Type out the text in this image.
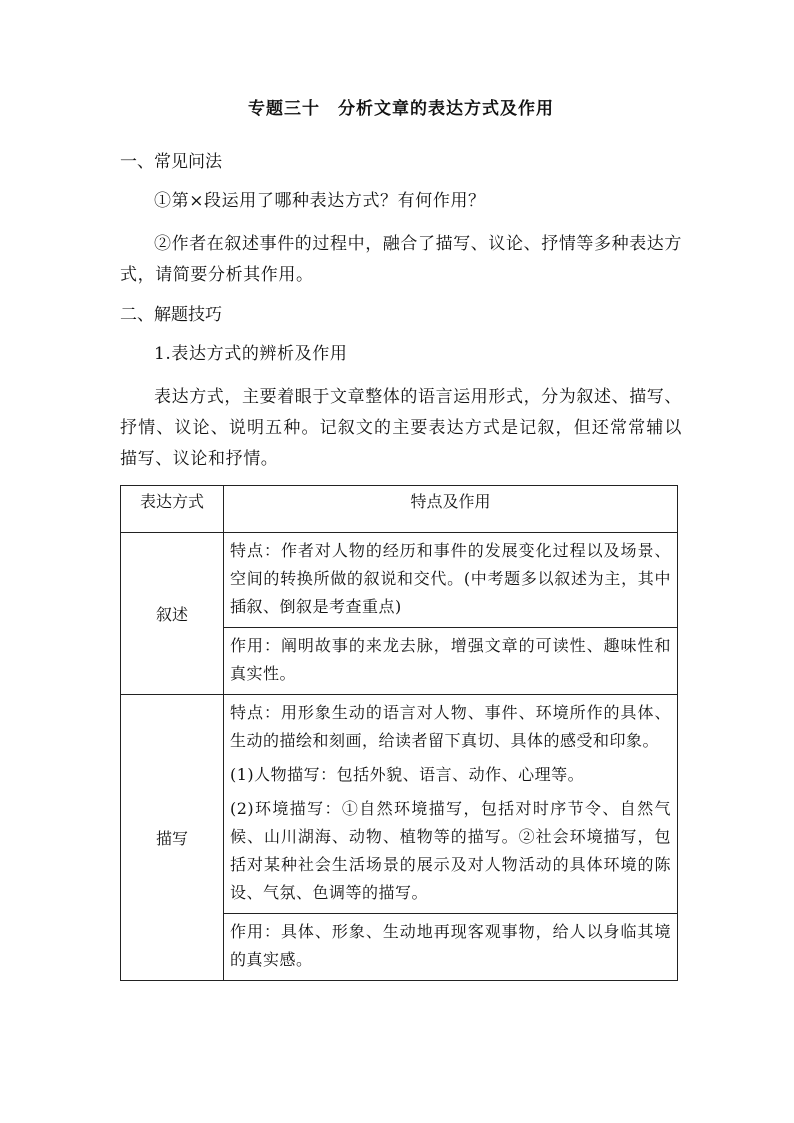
专题三十　分析文章的表达方式及作用
一、常见问法

①第×段运用了哪种表达方式？有何作用？

②作者在叙述事件的过程中，融合了描写、议论、抒情等多种表达方式，请简要分析其作用。

二、解题技巧

1.表达方式的辨析及作用

表达方式，主要着眼于文章整体的语言运用形式，分为叙述、描写、抒情、议论、说明五种。记叙文的主要表达方式是记叙，但还常常辅以描写、议论和抒情。

表达方式	特点及作用
叙述	特点：作者对人物的经历和事件的发展变化过程以及场景、空间的转换所做的叙说和交代。(中考题多以叙述为主，其中插叙、倒叙是考查重点)

	作用：阐明故事的来龙去脉，增强文章的可读性、趣味性和真实性。

描写	特点：用形象生动的语言对人物、事件、环境所作的具体、生动的描绘和刻画，给读者留下真切、具体的感受和印象。

(1)人物描写：包括外貌、语言、动作、心理等。

(2)环境描写：①自然环境描写，包括对时序节令、自然气候、山川湖海、动物、植物等的描写。②社会环境描写，包括对某种社会生活场景的展示及对人物活动的具体环境的陈设、气氛、色调等的描写。

	作用：具体、形象、生动地再现客观事物，给人以身临其境的真实感。
